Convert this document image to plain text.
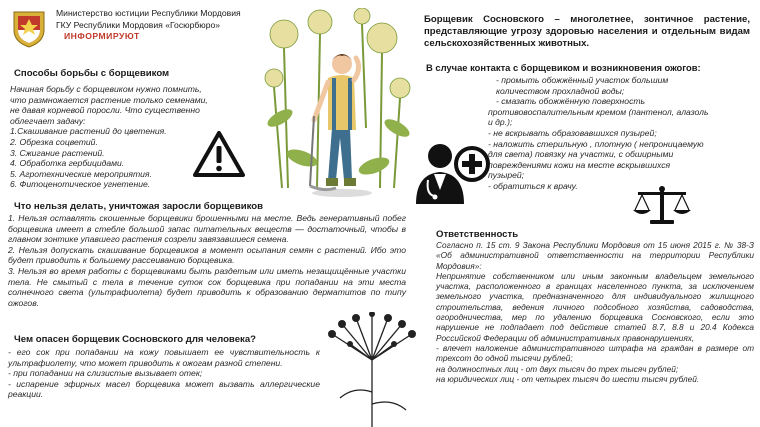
Министерство юстиции Республики Мордовия
ГКУ Республики Мордовия «Госюрбюро»
ИНФОРМИРУЮТ
Способы борьбы с борщевиком
Начиная борьбу с борщевиком нужно помнить,
что размножается растение только семенами,
не давая корневой поросли. Что существенно
облегчает задачу:
1.Скашивание растений до цветения.
2. Обрезка соцветий.
3. Сжигание растений.
4. Обработка гербицидами.
5. Агротехнические мероприятия.
6. Фитоценотическое угнетение.
Борщевик Сосновского – многолетнее, зонтичное растение, представляющие угрозу здоровью населения и отдельным видам сельскохозяйственных животных.
В случае контакта с борщевиком и возникновения ожогов:
- промыть обожжённый участок большим
количеством прохладной воды;
- смазать обожжённую поверхность
противовоспалительным кремом (пантенол, алазоль
и др.);
- не вскрывать образовавшихся пузырей;
- наложить стерильную , плотную ( непроницаемую
для света) повязку на участки, с обширными
повреждениями кожи на месте вскрывшихся
пузырей;
- обратиться к врачу.
Что нельзя делать, уничтожая заросли борщевиков
1. Нельзя оставлять скошенные борщевики брошенными на месте. Ведь генеративный побег борщевика имеет в стебле большой запас питательных веществ — достаточный, чтобы в главном зонтике упавшего растения созрели завязавшиеся семена.
2. Нельзя допускать скашивание борщевиков в момент осыпания семян с растений. Ибо это будет приводить к большему рассеиванию борщевика.
3. Нельзя во время работы с борщевиками быть раздетым или иметь незащищённые участки тела. Не смытый с тела в течение суток сок борщевика при попадании на эти места солнечного света (ультрафиолета) будет приводить к образованию дерматитов по типу ожогов.
Чем опасен борщевик Сосновского для человека?
- его сок при попадании на кожу повышает ее чувствительность к ультрафиолету, что может приводить к ожогам разной степени.
- при попадании на слизистые вызывает отек;
- испарение эфирных масел борщевика может вызвать аллергические реакции.
Ответственность
Согласно п. 15 ст. 9 Закона Республики Мордовия от 15 июня 2015 г. № 38-З «Об административной ответственности на территории Республики Мордовия»:
Непринятие собственником или иным законным владельцем земельного участка, расположенного в границах населенного пункта, за исключением земельного участка, предназначенного для индивидуального жилищного строительства, ведения личного подсобного хозяйства, садоводства, огородничества, мер по удалению борщевика Сосновского, если это нарушение не подпадает под действие статей 8.7, 8.8 и 20.4 Кодекса Российской Федерации об административных правонарушениях,
- влечет наложение административного штрафа на граждан в размере от трехсот до одной тысячи рублей;
на должностных лиц - от двух тысяч до трех тысяч рублей;
на юридических лиц - от четырех тысяч до шести тысяч рублей.
